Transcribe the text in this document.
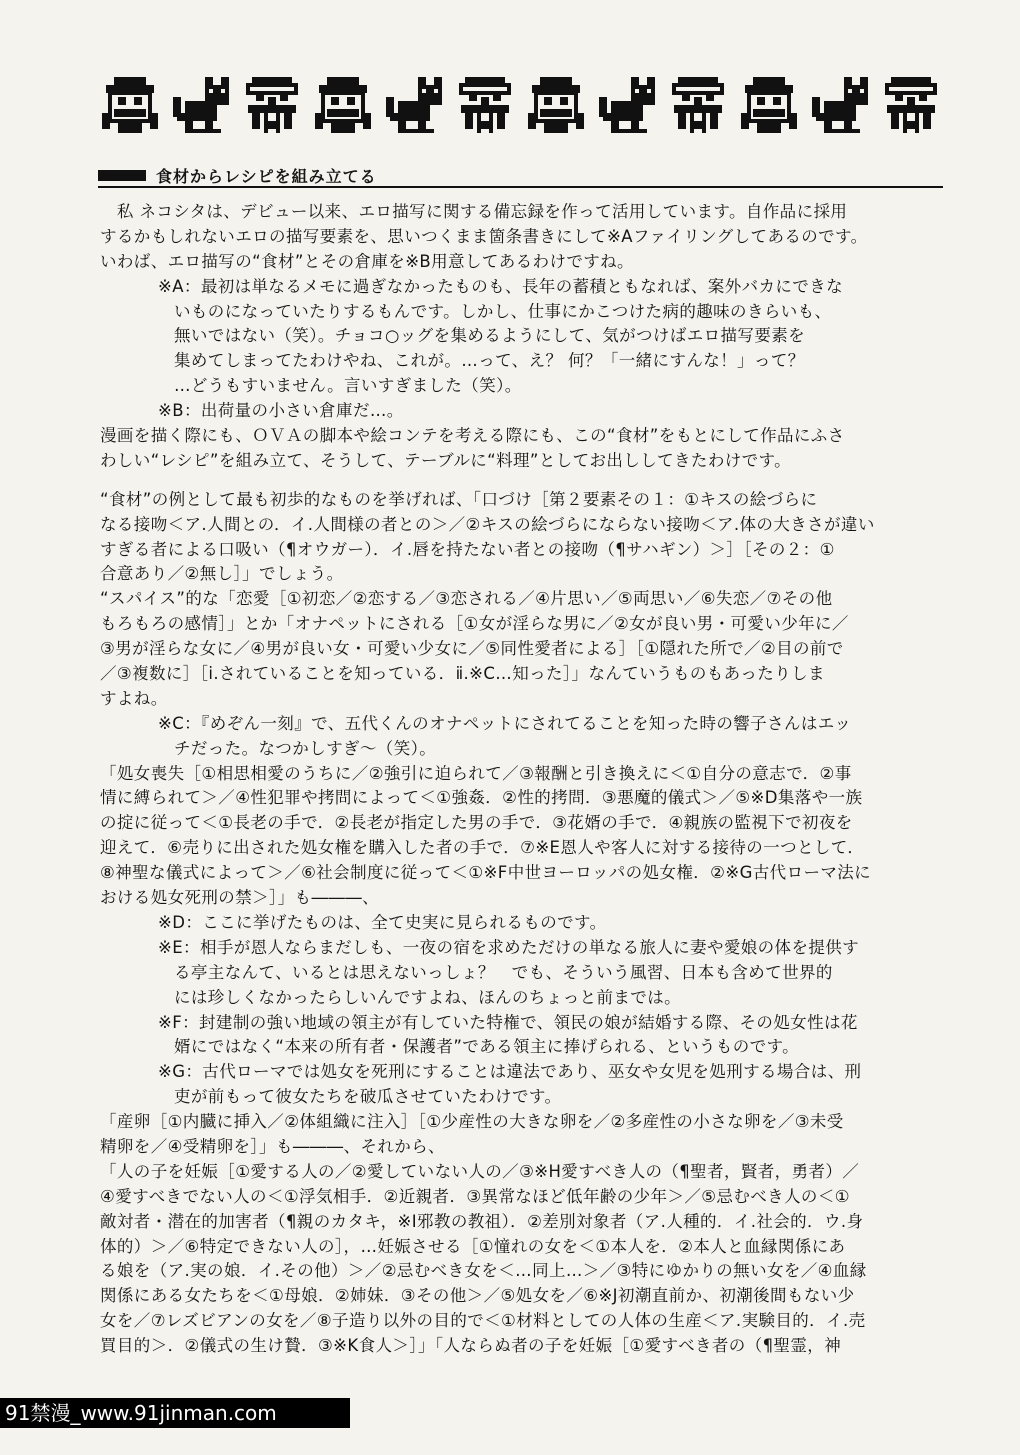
食材からレシピを組み立てる
　私 ネコシタは、デビュー以来、エロ描写に関する備忘録を作って活用しています。自作品に採用
するかもしれないエロの描写要素を、思いつくまま箇条書きにして※Aファイリングしてあるのです。
いわば、エロ描写の“食材”とその倉庫を※B用意してあるわけですね。
※A：最初は単なるメモに過ぎなかったものも、長年の蓄積ともなれば、案外バカにできな
いものになっていたりするもんです。しかし、仕事にかこつけた病的趣味のきらいも、
無いではない（笑）。チョコ○ッグを集めるようにして、気がつけばエロ描写要素を
集めてしまってたわけやね、これが。…って、え？ 何？「一緒にすんな！」って？
…どうもすいません。言いすぎました（笑）。
※B：出荷量の小さい倉庫だ…。
漫画を描く際にも、ＯＶＡの脚本や絵コンテを考える際にも、この“食材”をもとにして作品にふさ
わしい“レシピ”を組み立て、そうして、テーブルに“料理”としてお出ししてきたわけです。
“食材”の例として最も初歩的なものを挙げれば、「口づけ［第２要素その１：①キスの絵づらに
なる接吻＜ア.人間との．イ.人間様の者との＞／②キスの絵づらにならない接吻＜ア.体の大きさが違い
すぎる者による口吸い（¶オウガー）．イ.唇を持たない者との接吻（¶サハギン）＞］［その２：①
合意あり／②無し］」でしょう。
“スパイス”的な「恋愛［①初恋／②恋する／③恋される／④片思い／⑤両思い／⑥失恋／⑦その他
もろもろの感情］」とか「オナペットにされる［①女が淫らな男に／②女が良い男・可愛い少年に／
③男が淫らな女に／④男が良い女・可愛い少女に／⑤同性愛者による］［①隠れた所で／②目の前で
／③複数に］［ⅰ.されていることを知っている．ⅱ.※C…知った］」なんていうものもあったりしま
すよね。
※C：『めぞん一刻』で、五代くんのオナペットにされてることを知った時の響子さんはエッ
チだった。なつかしすぎ～（笑）。
「処女喪失［①相思相愛のうちに／②強引に迫られて／③報酬と引き換えに＜①自分の意志で．②事
情に縛られて＞／④性犯罪や拷問によって＜①強姦．②性的拷問．③悪魔的儀式＞／⑤※D集落や一族
の掟に従って＜①長老の手で．②長老が指定した男の手で．③花婿の手で．④親族の監視下で初夜を
迎えて．⑥売りに出された処女権を購入した者の手で．⑦※E恩人や客人に対する接待の一つとして．
⑧神聖な儀式によって＞／⑥社会制度に従って＜①※F中世ヨーロッパの処女権．②※G古代ローマ法に
おける処女死刑の禁＞］」も―――、
※D：ここに挙げたものは、全て史実に見られるものです。
※E：相手が恩人ならまだしも、一夜の宿を求めただけの単なる旅人に妻や愛娘の体を提供す
る亭主なんて、いるとは思えないっしょ？　でも、そういう風習、日本も含めて世界的
には珍しくなかったらしいんですよね、ほんのちょっと前までは。
※F：封建制の強い地域の領主が有していた特権で、領民の娘が結婚する際、その処女性は花
婿にではなく“本来の所有者・保護者”である領主に捧げられる、というものです。
※G：古代ローマでは処女を死刑にすることは違法であり、巫女や女児を処刑する場合は、刑
吏が前もって彼女たちを破瓜させていたわけです。
「産卵［①内臓に挿入／②体組織に注入］［①少産性の大きな卵を／②多産性の小さな卵を／③未受
精卵を／④受精卵を］」も―――、それから、
「人の子を妊娠［①愛する人の／②愛していない人の／③※H愛すべき人の（¶聖者，賢者，勇者）／
④愛すべきでない人の＜①浮気相手．②近親者．③異常なほど低年齢の少年＞／⑤忌むべき人の＜①
敵対者・潜在的加害者（¶親のカタキ，※I邪教の教祖）．②差別対象者（ア.人種的．イ.社会的．ウ.身
体的）＞／⑥特定できない人の］，…妊娠させる［①憧れの女を＜①本人を．②本人と血縁関係にあ
る娘を（ア.実の娘．イ.その他）＞／②忌むべき女を＜…同上…＞／③特にゆかりの無い女を／④血縁
関係にある女たちを＜①母娘．②姉妹．③その他＞／⑤処女を／⑥※J初潮直前か、初潮後間もない少
女を／⑦レズビアンの女を／⑧子造り以外の目的で＜①材料としての人体の生産＜ア.実験目的．イ.売
買目的＞．②儀式の生け贄．③※K食人＞］」「人ならぬ者の子を妊娠［①愛すべき者の（¶聖霊，神
91禁漫_www.91jinman.com
